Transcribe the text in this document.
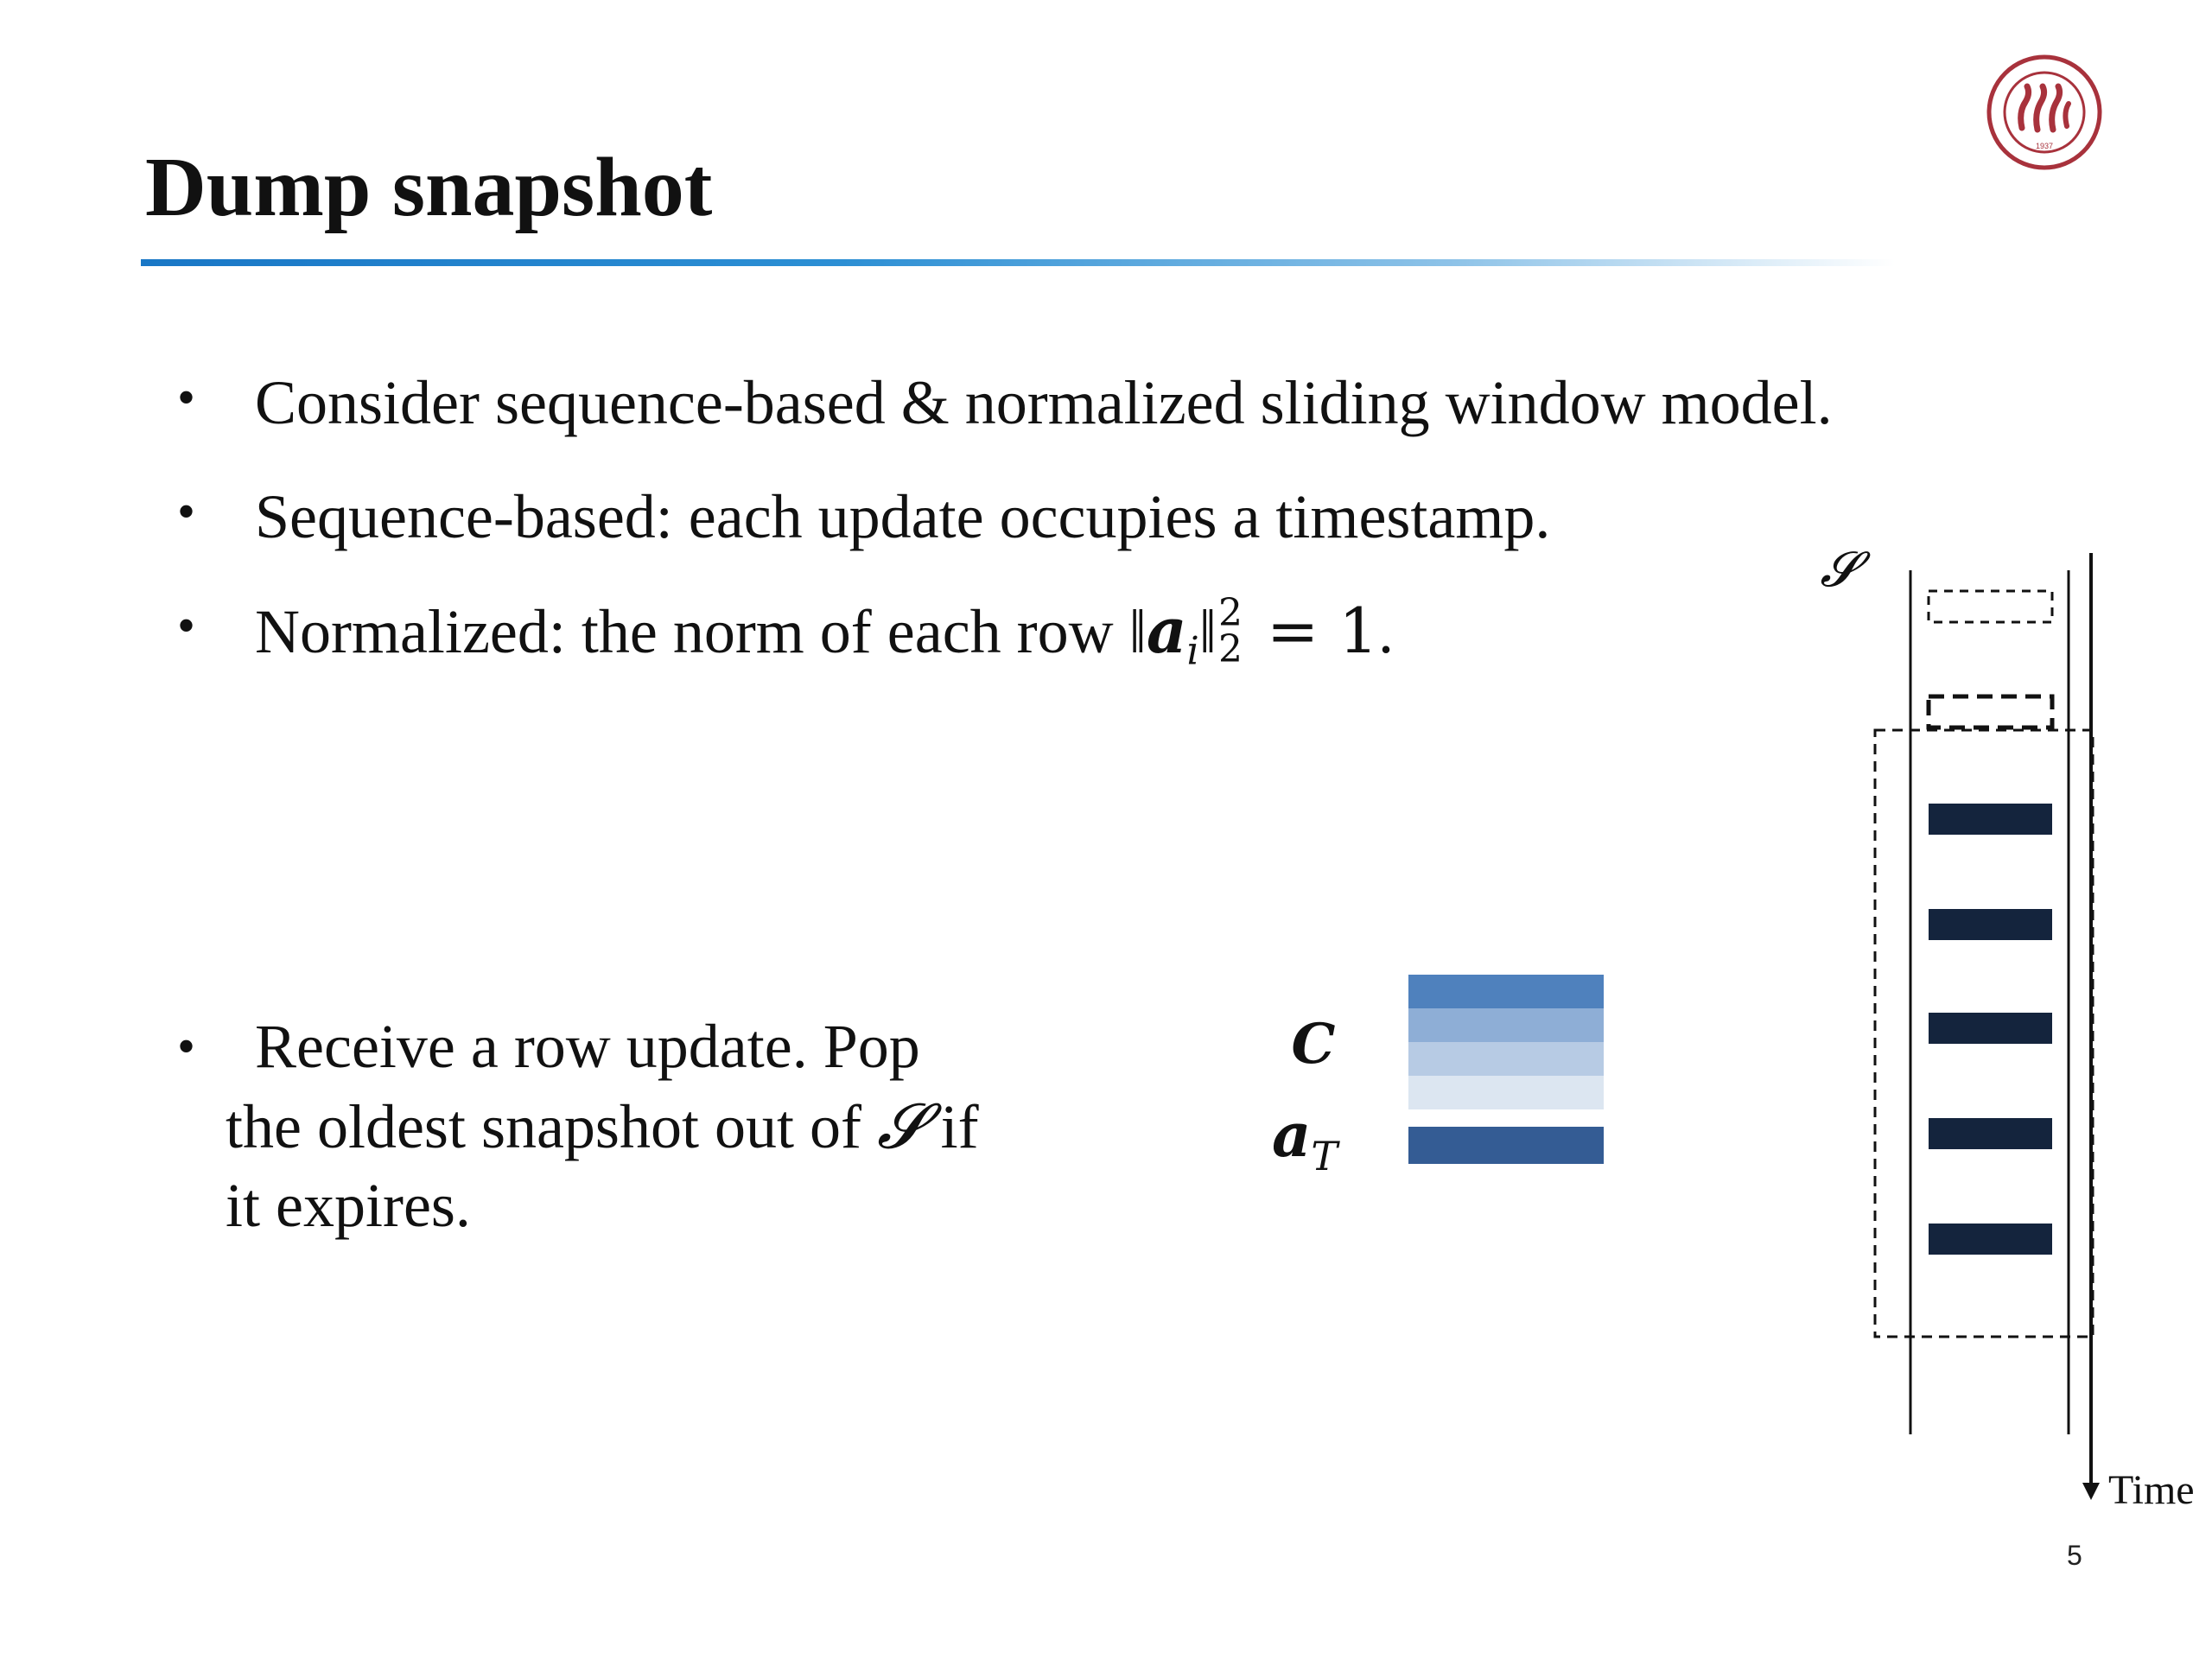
Dump snapshot	1937
• Consider sequence-based & normalized sliding window model.
• Sequence-based: each update occupies a timestamp.
• Normalized: the norm of each row $‖a_i‖$ 2
2 = 1.
• Receive a row update. Pop
the oldest snapshot out of 𝓢 if
it expires.
C
$a_T$
𝓢
Time
5
